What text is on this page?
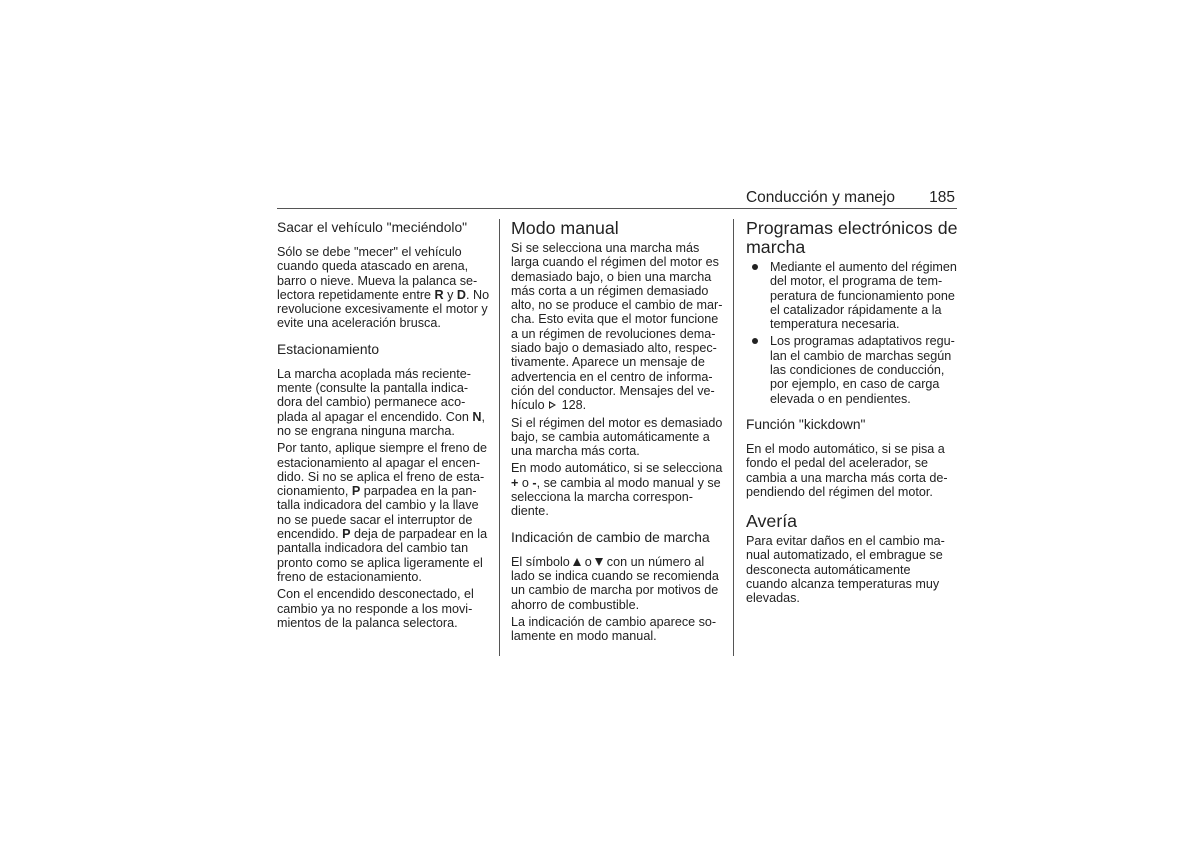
Conducción y manejo 185
Sacar el vehículo "meciéndolo"

Sólo se debe "mecer" el vehículo
cuando queda atascado en arena,
barro o nieve. Mueva la palanca se-
lectora repetidamente entre R y D. No
revolucione excesivamente el motor y
evite una aceleración brusca.

Estacionamiento

La marcha acoplada más reciente-
mente (consulte la pantalla indica-
dora del cambio) permanece aco-
plada al apagar el encendido. Con N,
no se engrana ninguna marcha.

Por tanto, aplique siempre el freno de
estacionamiento al apagar el encen-
dido. Si no se aplica el freno de esta-
cionamiento, P parpadea en la pan-
talla indicadora del cambio y la llave
no se puede sacar el interruptor de
encendido. P deja de parpadear en la
pantalla indicadora del cambio tan
pronto como se aplica ligeramente el
freno de estacionamiento.

Con el encendido desconectado, el
cambio ya no responde a los movi-
mientos de la palanca selectora.

Modo manual

Si se selecciona una marcha más
larga cuando el régimen del motor es
demasiado bajo, o bien una marcha
más corta a un régimen demasiado
alto, no se produce el cambio de mar-
cha. Esto evita que el motor funcione
a un régimen de revoluciones dema-
siado bajo o demasiado alto, respec-
tivamente. Aparece un mensaje de
advertencia en el centro de informa-
ción del conductor. Mensajes del ve-
hículo  128.

Si el régimen del motor es demasiado
bajo, se cambia automáticamente a
una marcha más corta.

En modo automático, si se selecciona
+ o -, se cambia al modo manual y se
selecciona la marcha correspon-
diente.

Indicación de cambio de marcha

El símbolo  o  con un número al
lado se indica cuando se recomienda
un cambio de marcha por motivos de
ahorro de combustible.

La indicación de cambio aparece so-
lamente en modo manual.

Programas electrónicos de
marcha
Mediante el aumento del régimen
del motor, el programa de tem-
peratura de funcionamiento pone
el catalizador rápidamente a la
temperatura necesaria.
Los programas adaptativos regu-
lan el cambio de marchas según
las condiciones de conducción,
por ejemplo, en caso de carga
elevada o en pendientes.
Función "kickdown"

En el modo automático, si se pisa a
fondo el pedal del acelerador, se
cambia a una marcha más corta de-
pendiendo del régimen del motor.

Avería

Para evitar daños en el cambio ma-
nual automatizado, el embrague se
desconecta automáticamente
cuando alcanza temperaturas muy
elevadas.
